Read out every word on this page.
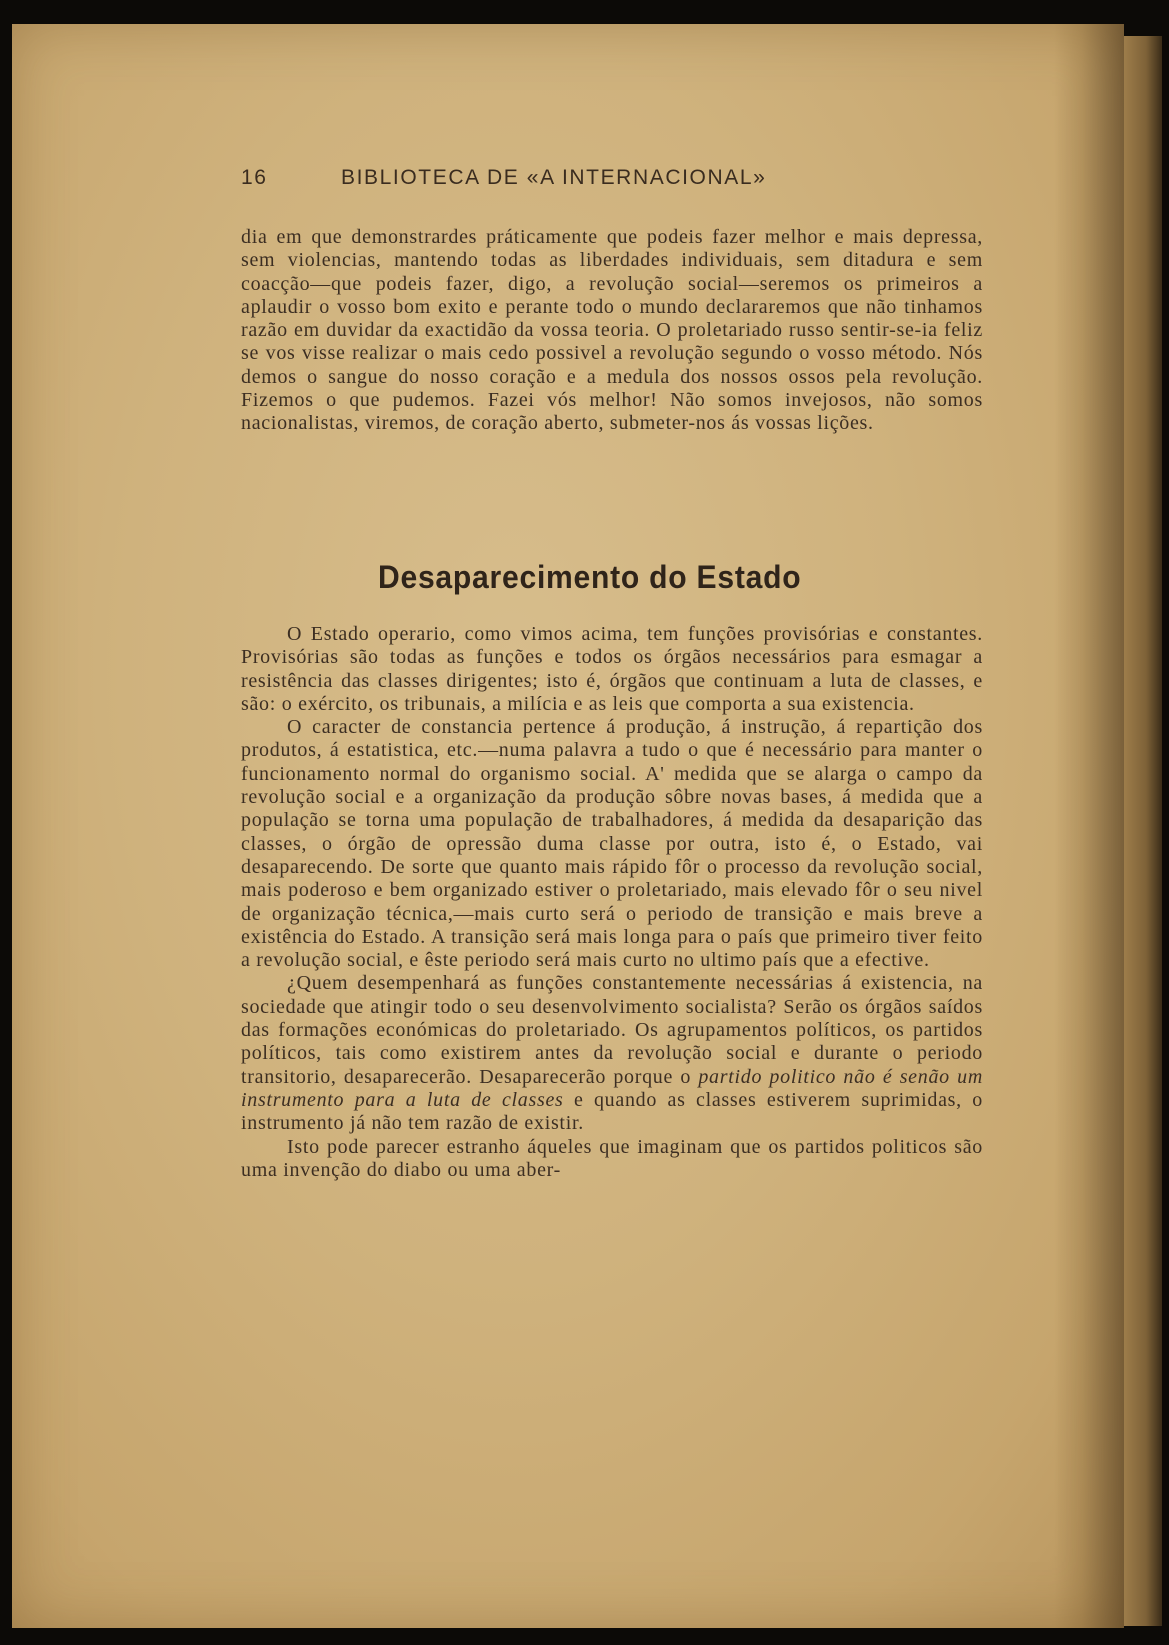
16	BIBLIOTECA DE «A INTERNACIONAL»

dia em que demonstrardes práticamente que podeis fazer melhor e mais depressa, sem violencias, mantendo todas as liberdades individuais, sem ditadura e sem coacção—que podeis fazer, digo, a revolução social—seremos os primeiros a aplaudir o vosso bom exito e perante todo o mundo declararemos que não tinhamos razão em duvidar da exactidão da vossa teoria. O proletariado russo sentir-se-ia feliz se vos visse realizar o mais cedo possivel a revolução segundo o vosso método. Nós demos o sangue do nosso coração e a medula dos nossos ossos pela revolução. Fizemos o que pudemos. Fazei vós melhor! Não somos invejosos, não somos nacionalistas, viremos, de coração aberto, submeter-nos ás vossas lições.

Desaparecimento do Estado

O Estado operario, como vimos acima, tem funções provisórias e constantes. Provisórias são todas as funções e todos os órgãos necessários para esmagar a resistência das classes dirigentes; isto é, órgãos que continuam a luta de classes, e são: o exército, os tribunais, a milícia e as leis que comporta a sua existencia.

O caracter de constancia pertence á produção, á instrução, á repartição dos produtos, á estatistica, etc.—numa palavra a tudo o que é necessário para manter o funcionamento normal do organismo social. A' medida que se alarga o campo da revolução social e a organização da produção sôbre novas bases, á medida que a população se torna uma população de trabalhadores, á medida da desaparição das classes, o órgão de opressão duma classe por outra, isto é, o Estado, vai desaparecendo. De sorte que quanto mais rápido fôr o processo da revolução social, mais poderoso e bem organizado estiver o proletariado, mais elevado fôr o seu nivel de organização técnica,—mais curto será o periodo de transição e mais breve a existência do Estado. A transição será mais longa para o país que primeiro tiver feito a revolução social, e êste periodo será mais curto no ultimo país que a efective.

¿Quem desempenhará as funções constantemente necessárias á existencia, na sociedade que atingir todo o seu desenvolvimento socialista? Serão os órgãos saídos das formações económicas do proletariado. Os agrupamentos políticos, os partidos políticos, tais como existirem antes da revolução social e durante o periodo transitorio, desaparecerão. Desaparecerão porque o partido politico não é senão um instrumento para a luta de classes e quando as classes estiverem suprimidas, o instrumento já não tem razão de existir.

Isto pode parecer estranho áqueles que imaginam que os partidos politicos são uma invenção do diabo ou uma aber-
